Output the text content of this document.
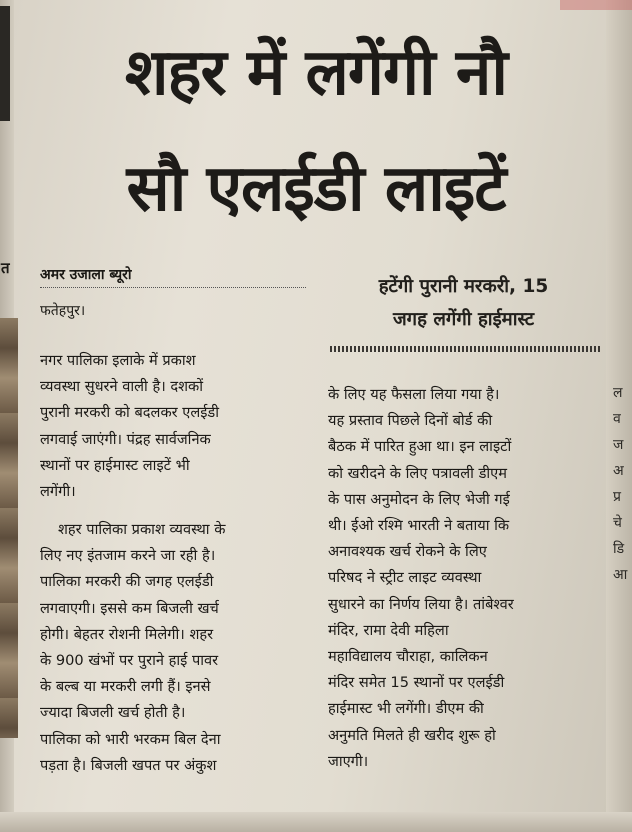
शहर में लगेंगी नौ
सौ एलईडी लाइटें
त अमर उजाला ब्यूरो

फतेहपुर।
नगर पालिका इलाके में प्रकाश
व्यवस्था सुधरने वाली है। दशकों
पुरानी मरकरी को बदलकर एलईडी
लगवाई जाएंगी। पंद्रह सार्वजनिक
स्थानों पर हाईमास्ट लाइटें भी
लगेंगी।
शहर पालिका प्रकाश व्यवस्था के
लिए नए इंतजाम करने जा रही है।
पालिका मरकरी की जगह एलईडी
लगवाएगी। इससे कम बिजली खर्च
होगी। बेहतर रोशनी मिलेगी। शहर
के 900 खंभों पर पुराने हाई पावर
के बल्ब या मरकरी लगी हैं। इनसे
ज्यादा बिजली खर्च होती है।
पालिका को भारी भरकम बिल देना
पड़ता है। बिजली खपत पर अंकुश
हटेंगी पुरानी मरकरी, 15
जगह लगेंगी हाईमास्ट
के लिए यह फैसला लिया गया है।
यह प्रस्ताव पिछले दिनों बोर्ड की
बैठक में पारित हुआ था। इन लाइटों
को खरीदने के लिए पत्रावली डीएम
के पास अनुमोदन के लिए भेजी गई
थी। ईओ रश्मि भारती ने बताया कि
अनावश्यक खर्च रोकने के लिए
परिषद ने स्ट्रीट लाइट व्यवस्था
सुधारने का निर्णय लिया है। तांबेश्वर
मंदिर, रामा देवी महिला
महाविद्यालय चौराहा, कालिकन
मंदिर समेत 15 स्थानों पर एलईडी
हाईमास्ट भी लगेंगी। डीएम की
अनुमति मिलते ही खरीद शुरू हो
जाएगी।
ल
व
ज
अ
प्र
चे
डि
आ
